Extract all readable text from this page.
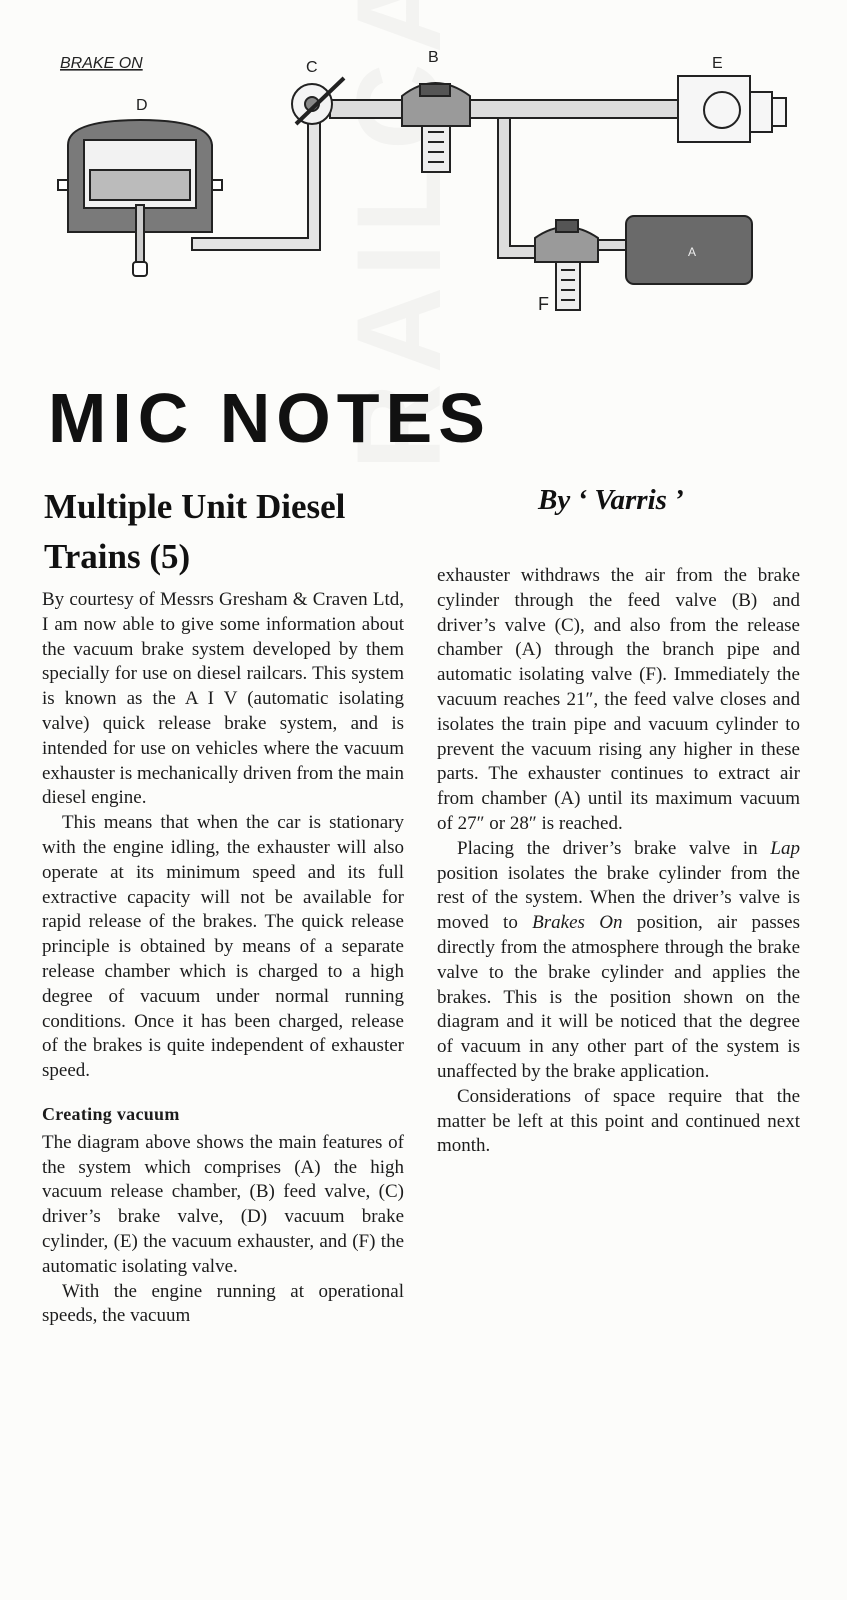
BRAKE ON
D
C
B	E
A
F
MIC NOTES
Multiple Unit Diesel Trains (5)
By ‘ Varris ’

By courtesy of Messrs Gresham & Craven Ltd, I am now able to give some information about the vacuum brake system developed by them specially for use on diesel railcars. This system is known as the A I V (automatic isolating valve) quick release brake system, and is intended for use on vehicles where the vacuum exhauster is mechanically driven from the main diesel engine.

This means that when the car is stationary with the engine idling, the exhauster will also operate at its minimum speed and its full extractive capacity will not be available for rapid release of the brakes. The quick release principle is obtained by means of a separate release chamber which is charged to a high degree of vacuum under normal running conditions. Once it has been charged, release of the brakes is quite independent of exhauster speed.

Creating vacuum

The diagram above shows the main features of the system which comprises (A) the high vacuum release chamber, (B) feed valve, (C) driver’s brake valve, (D) vacuum brake cylinder, (E) the vacuum exhauster, and (F) the automatic isolating valve.

With the engine running at operational speeds, the vacuum

exhauster withdraws the air from the brake cylinder through the feed valve (B) and driver’s valve (C), and also from the release chamber (A) through the branch pipe and automatic isolating valve (F). Immediately the vacuum reaches 21″, the feed valve closes and isolates the train pipe and vacuum cylinder to prevent the vacuum rising any higher in these parts. The exhauster continues to extract air from chamber (A) until its maximum vacuum of 27″ or 28″ is reached.

Placing the driver’s brake valve in Lap position isolates the brake cylinder from the rest of the system. When the driver’s valve is moved to Brakes On position, air passes directly from the atmosphere through the brake valve to the brake cylinder and applies the brakes. This is the position shown on the diagram and it will be noticed that the degree of vacuum in any other part of the system is unaffected by the brake application.

Considerations of space require that the matter be left at this point and continued next month.
